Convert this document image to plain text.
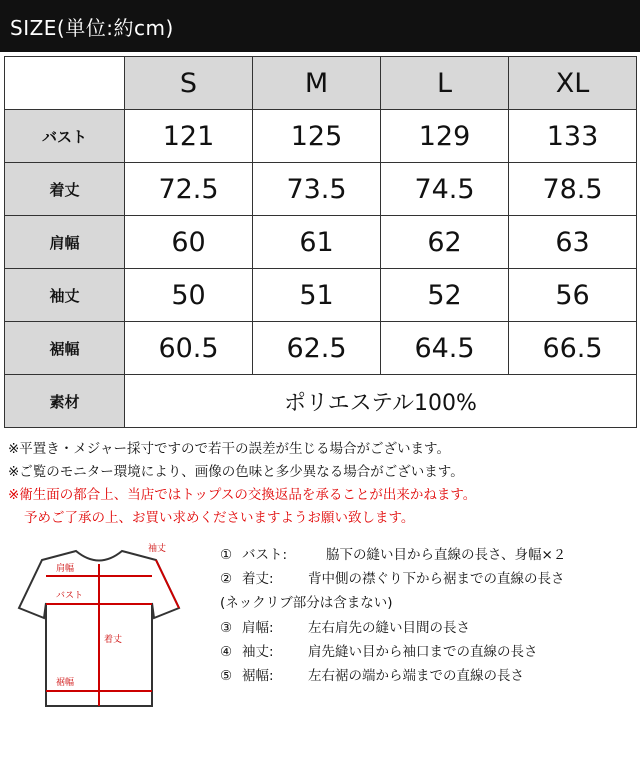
SIZE(単位:約cm)
	S	M	L	XL
バスト	121	125	129	133
着丈	72.5	73.5	74.5	78.5
肩幅	60	61	62	63
袖丈	50	51	52	56
裾幅	60.5	62.5	64.5	66.5
素材	ポリエステル100%			
※平置き・メジャー採寸ですので若干の誤差が生じる場合がございます。
※ご覧のモニター環境により、画像の色味と多少異なる場合がございます。
※衛生面の都合上、当店ではトップスの交換返品を承ることが出来かねます。
予めご了承の上、お買い求めくださいますようお願い致します。
袖丈
肩幅
バスト
着丈
裾幅
① バスト:	脇下の縫い目から直線の長さ、身幅×２
② 着丈:	背中側の襟ぐり下から裾までの直線の長さ
(ネックリブ部分は含まない)
③ 肩幅:	左右肩先の縫い目間の長さ
④ 袖丈:	肩先縫い目から袖口までの直線の長さ
⑤ 裾幅:	左右裾の端から端までの直線の長さ
